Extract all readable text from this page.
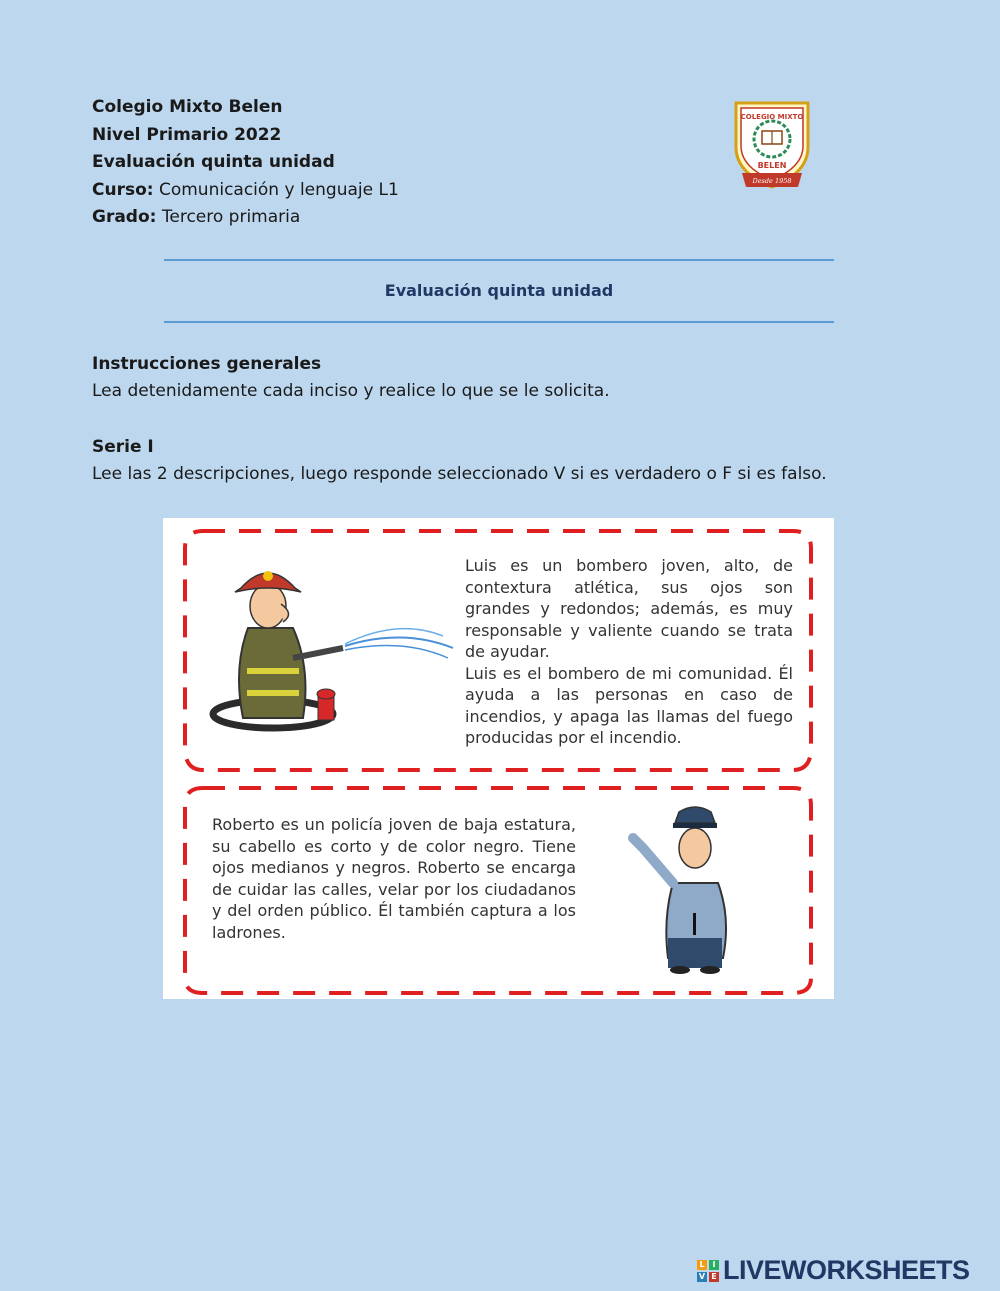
Colegio Mixto Belen
Nivel Primario 2022
Evaluación quinta unidad
Curso: Comunicación y lenguaje L1
Grado: Tercero primaria
COLEGIO MIXTO
BELEN
Desde 1958
Evaluación quinta unidad
Instrucciones generales
Lea detenidamente cada inciso y realice lo que se le solicita.
Serie I
Lee las 2 descripciones, luego responde seleccionado V si es verdadero o F si es falso.

Luis es un bombero joven, alto, de contextura atlética, sus ojos son grandes y redondos; además, es muy responsable y valiente cuando se trata de ayudar.

Luis es el bombero de mi comunidad. Él ayuda a las personas en caso de incendios, y apaga las llamas del fuego producidas por el incendio.

Roberto es un policía joven de baja estatura, su cabello es corto y de color negro. Tiene ojos medianos y negros. Roberto se encarga de cuidar las calles, velar por los ciudadanos y del orden público. Él también captura a los ladrones.

L I
V E LIVEWORKSHEETS
